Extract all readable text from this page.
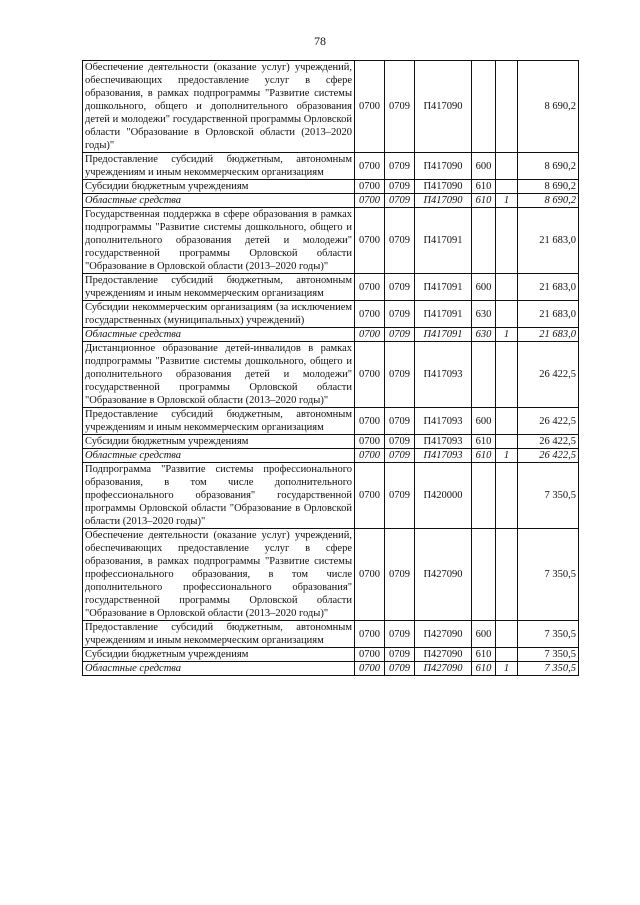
78
Обеспечение деятельности (оказание услуг) учреждений, обеспечивающих предоставление услуг в сфере образования, в рамках подпрограммы "Развитие системы дошкольного, общего и дополнительного образования детей и молодежи" государственной программы Орловской области "Образование в Орловской области (2013–2020 годы)"	0700	0709	П417090			8 690,2
Предоставление субсидий бюджетным, автономным учреждениям и иным некоммерческим организациям	0700	0709	П417090	600		8 690,2
Субсидии бюджетным учреждениям	0700	0709	П417090	610		8 690,2
Областные средства	0700	0709	П417090	610	1	8 690,2
Государственная поддержка в сфере образования в рамках подпрограммы "Развитие системы дошкольного, общего и дополнительного образования детей и молодежи" государственной программы Орловской области "Образование в Орловской области (2013–2020 годы)"	0700	0709	П417091			21 683,0
Предоставление субсидий бюджетным, автономным учреждениям и иным некоммерческим организациям	0700	0709	П417091	600		21 683,0
Субсидии некоммерческим организациям (за исключением государственных (муниципальных) учреждений)	0700	0709	П417091	630		21 683,0
Областные средства	0700	0709	П417091	630	1	21 683,0
Дистанционное образование детей-инвалидов в рамках подпрограммы "Развитие системы дошкольного, общего и дополнительного образования детей и молодежи" государственной программы Орловской области "Образование в Орловской области (2013–2020 годы)"	0700	0709	П417093			26 422,5
Предоставление субсидий бюджетным, автономным учреждениям и иным некоммерческим организациям	0700	0709	П417093	600		26 422,5
Субсидии бюджетным учреждениям	0700	0709	П417093	610		26 422,5
Областные средства	0700	0709	П417093	610	1	26 422,5
Подпрограмма "Развитие системы профессионального образования, в том числе дополнительного профессионального образования" государственной программы Орловской области "Образование в Орловской области (2013–2020 годы)"	0700	0709	П420000			7 350,5
Обеспечение деятельности (оказание услуг) учреждений, обеспечивающих предоставление услуг в сфере образования, в рамках подпрограммы "Развитие системы профессионального образования, в том числе дополнительного профессионального образования" государственной программы Орловской области "Образование в Орловской области (2013–2020 годы)"	0700	0709	П427090			7 350,5
Предоставление субсидий бюджетным, автономным учреждениям и иным некоммерческим организациям	0700	0709	П427090	600		7 350,5
Субсидии бюджетным учреждениям	0700	0709	П427090	610		7 350,5
Областные средства	0700	0709	П427090	610	1	7 350,5
